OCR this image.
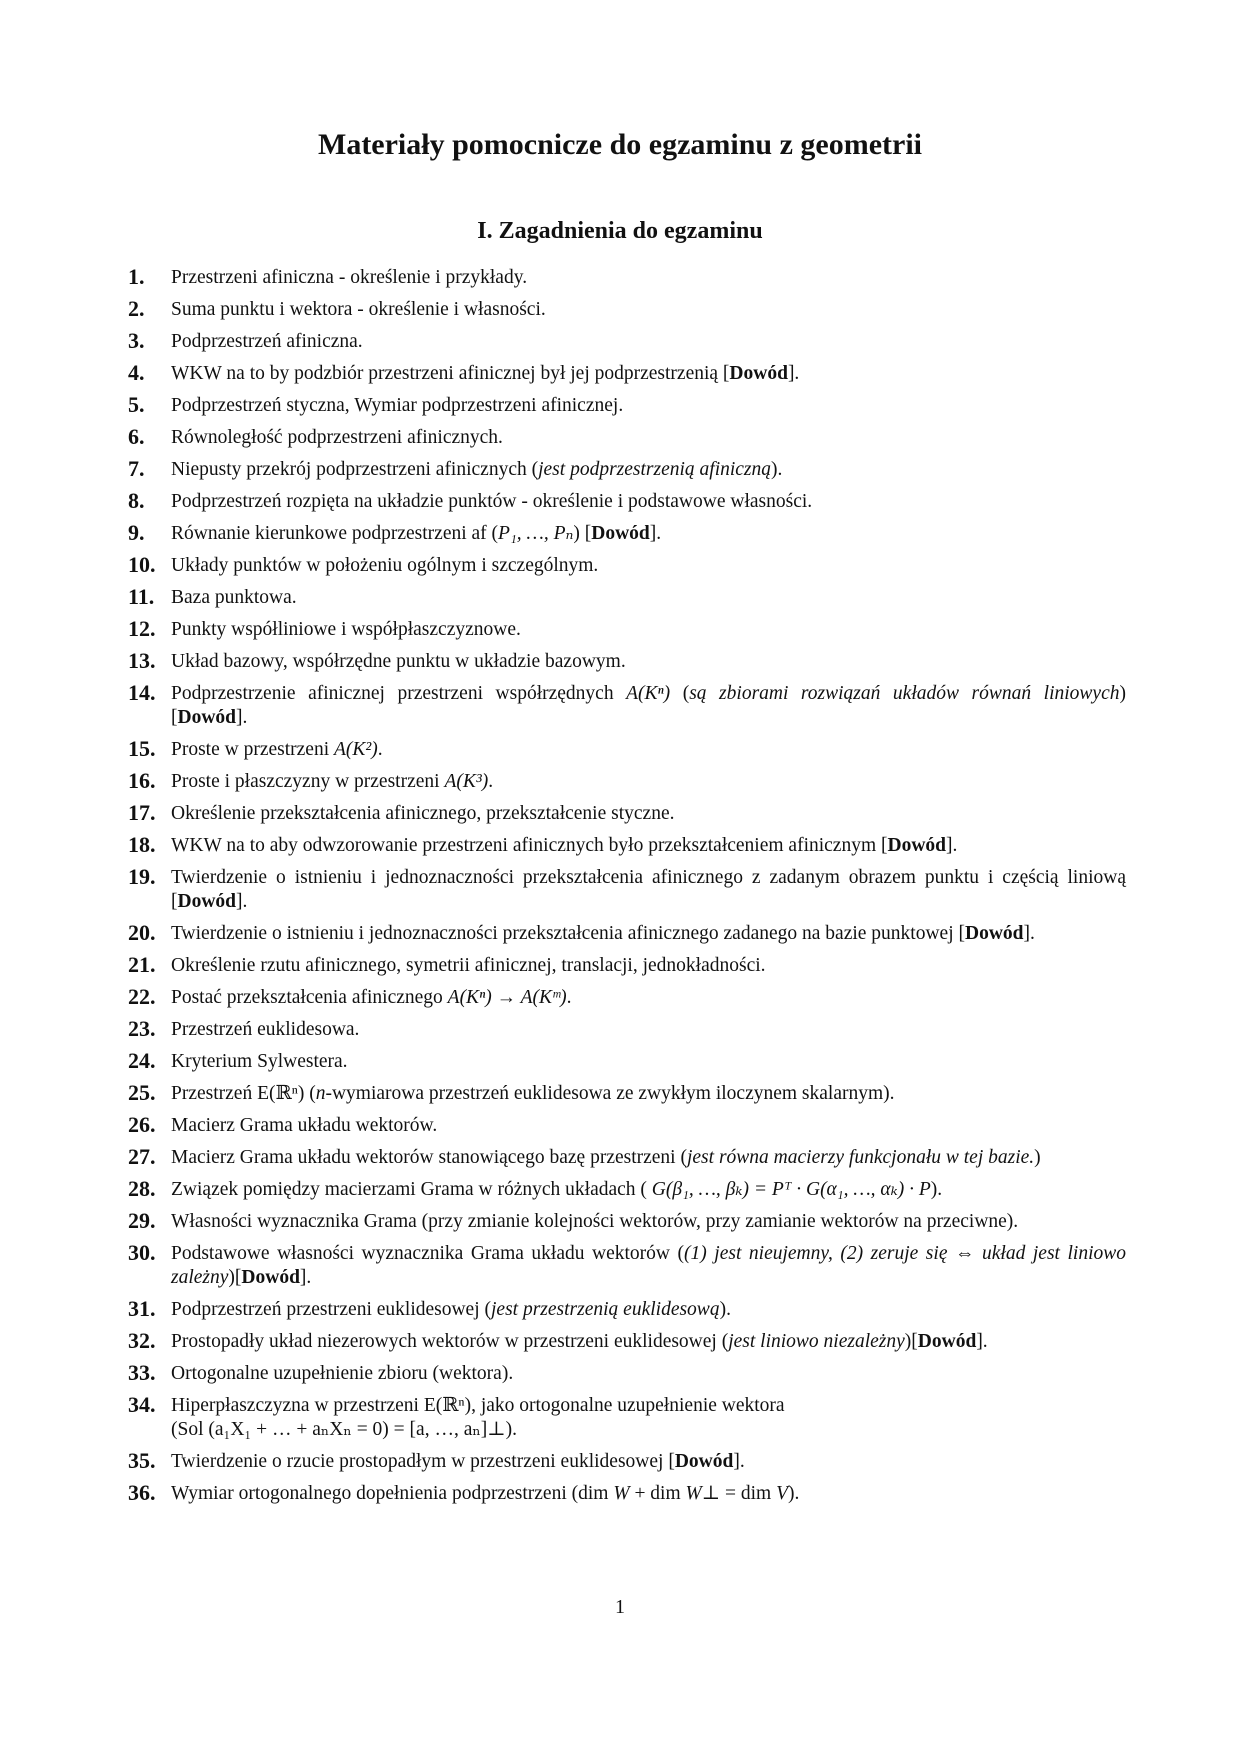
Materiały pomocnicze do egzaminu z geometrii
I. Zagadnienia do egzaminu
1. Przestrzeni afiniczna - określenie i przykłady.
2. Suma punktu i wektora - określenie i własności.
3. Podprzestrzeń afiniczna.
4. WKW na to by podzbiór przestrzeni afinicznej był jej podprzestrzenią [Dowód].
5. Podprzestrzeń styczna, Wymiar podprzestrzeni afinicznej.
6. Równoległość podprzestrzeni afinicznych.
7. Niepusty przekrój podprzestrzeni afinicznych (jest podprzestrzenią afiniczną).
8. Podprzestrzeń rozpięta na układzie punktów - określenie i podstawowe własności.
9. Równanie kierunkowe podprzestrzeni af (P₁, …, Pₙ) [Dowód].
10. Układy punktów w położeniu ogólnym i szczególnym.
11. Baza punktowa.
12. Punkty współliniowe i współpłaszczyznowe.
13. Układ bazowy, współrzędne punktu w układzie bazowym.
14. Podprzestrzenie afinicznej przestrzeni współrzędnych A(Kⁿ) (są zbiorami rozwiązań układów równań liniowych) [Dowód].
15. Proste w przestrzeni A(K²).
16. Proste i płaszczyzny w przestrzeni A(K³).
17. Określenie przekształcenia afinicznego, przekształcenie styczne.
18. WKW na to aby odwzorowanie przestrzeni afinicznych było przekształceniem afinicznym [Dowód].
19. Twierdzenie o istnieniu i jednoznaczności przekształcenia afinicznego z zadanym obrazem punktu i częścią liniową [Dowód].
20. Twierdzenie o istnieniu i jednoznaczności przekształcenia afinicznego zadanego na bazie punktowej [Dowód].
21. Określenie rzutu afinicznego, symetrii afinicznej, translacji, jednokładności.
22. Postać przekształcenia afinicznego A(Kⁿ) → A(Kᵐ).
23. Przestrzeń euklidesowa.
24. Kryterium Sylwestera.
25. Przestrzeń E(ℝⁿ) (n-wymiarowa przestrzeń euklidesowa ze zwykłym iloczynem skalarnym).
26. Macierz Grama układu wektorów.
27. Macierz Grama układu wektorów stanowiącego bazę przestrzeni (jest równa macierzy funkcjonału w tej bazie.)
28. Związek pomiędzy macierzami Grama w różnych układach ( G(β₁, …, βₖ) = Pᵀ · G(α₁, …, αₖ) · P).
29. Własności wyznacznika Grama (przy zmianie kolejności wektorów, przy zamianie wektorów na przeciwne).
30. Podstawowe własności wyznacznika Grama układu wektorów ((1) jest nieujemny, (2) zeruje się ⇔ układ jest liniowo zależny)[Dowód].
31. Podprzestrzeń przestrzeni euklidesowej (jest przestrzenią euklidesową).
32. Prostopadły układ niezerowych wektorów w przestrzeni euklidesowej (jest liniowo niezależny)[Dowód].
33. Ortogonalne uzupełnienie zbioru (wektora).
34. Hiperpłaszczyzna w przestrzeni E(ℝⁿ), jako ortogonalne uzupełnienie wektora
(Sol (a₁X₁ + … + aₙXₙ = 0) = [a, …, aₙ]⊥).
35. Twierdzenie o rzucie prostopadłym w przestrzeni euklidesowej [Dowód].
36. Wymiar ortogonalnego dopełnienia podprzestrzeni (dim W + dim W⊥ = dim V).
1
